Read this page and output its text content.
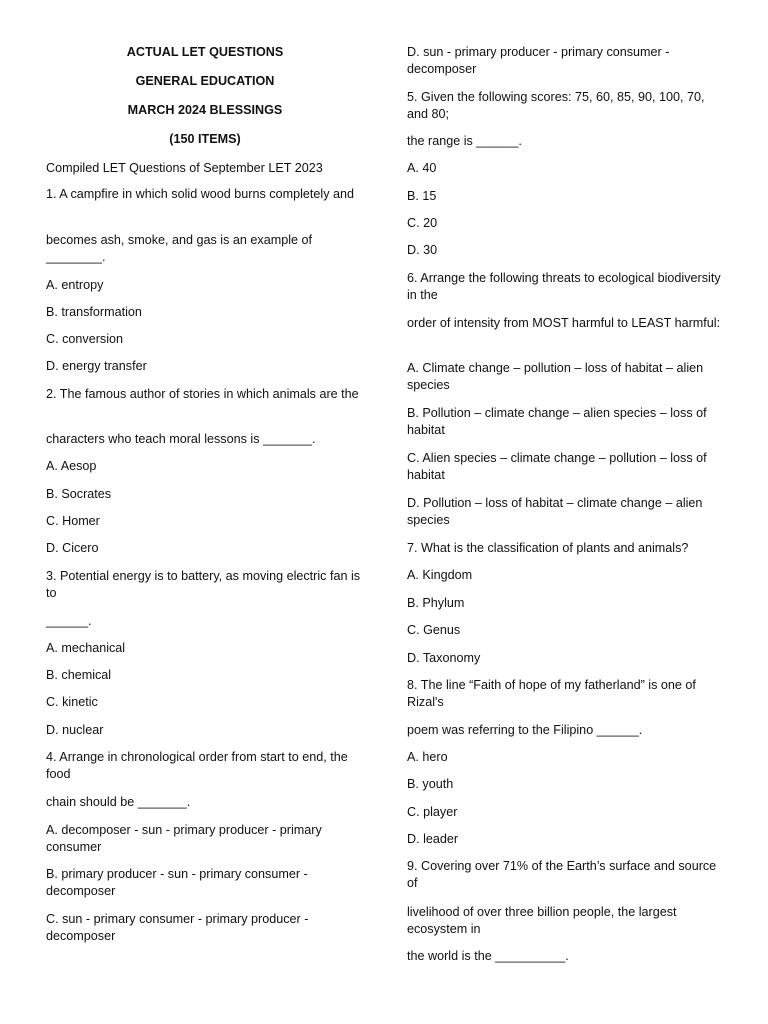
ACTUAL LET QUESTIONS
GENERAL EDUCATION
MARCH 2024 BLESSINGS
(150 ITEMS)
Compiled LET Questions of September LET 2023
1. A campfire in which solid wood burns completely and
becomes ash, smoke, and gas is an example of ________.
A. entropy
B. transformation
C. conversion
D. energy transfer
2. The famous author of stories in which animals are the
characters who teach moral lessons is _______.
A. Aesop
B. Socrates
C. Homer
D. Cicero
3. Potential energy is to battery, as moving electric fan is to
______.
A. mechanical
B. chemical
C. kinetic
D. nuclear
4. Arrange in chronological order from start to end, the food
chain should be _______.
A. decomposer - sun - primary producer - primary consumer
B. primary producer - sun - primary consumer - decomposer
C. sun - primary consumer - primary producer - decomposer
D. sun - primary producer - primary consumer - decomposer
5. Given the following scores: 75, 60, 85, 90, 100, 70, and 80;
the range is ______.
A. 40
B. 15
C. 20
D. 30
6. Arrange the following threats to ecological biodiversity in the
order of intensity from MOST harmful to LEAST harmful:
A. Climate change – pollution – loss of habitat – alien species
B. Pollution – climate change – alien species – loss of habitat
C. Alien species – climate change – pollution – loss of habitat
D. Pollution – loss of habitat – climate change – alien species
7. What is the classification of plants and animals?
A. Kingdom
B. Phylum
C. Genus
D. Taxonomy
8. The line “Faith of hope of my fatherland” is one of Rizal's
poem was referring to the Filipino ______.
A. hero
B. youth
C. player
D. leader
9. Covering over 71% of the Earth’s surface and source of
livelihood of over three billion people, the largest ecosystem in
the world is the __________.
